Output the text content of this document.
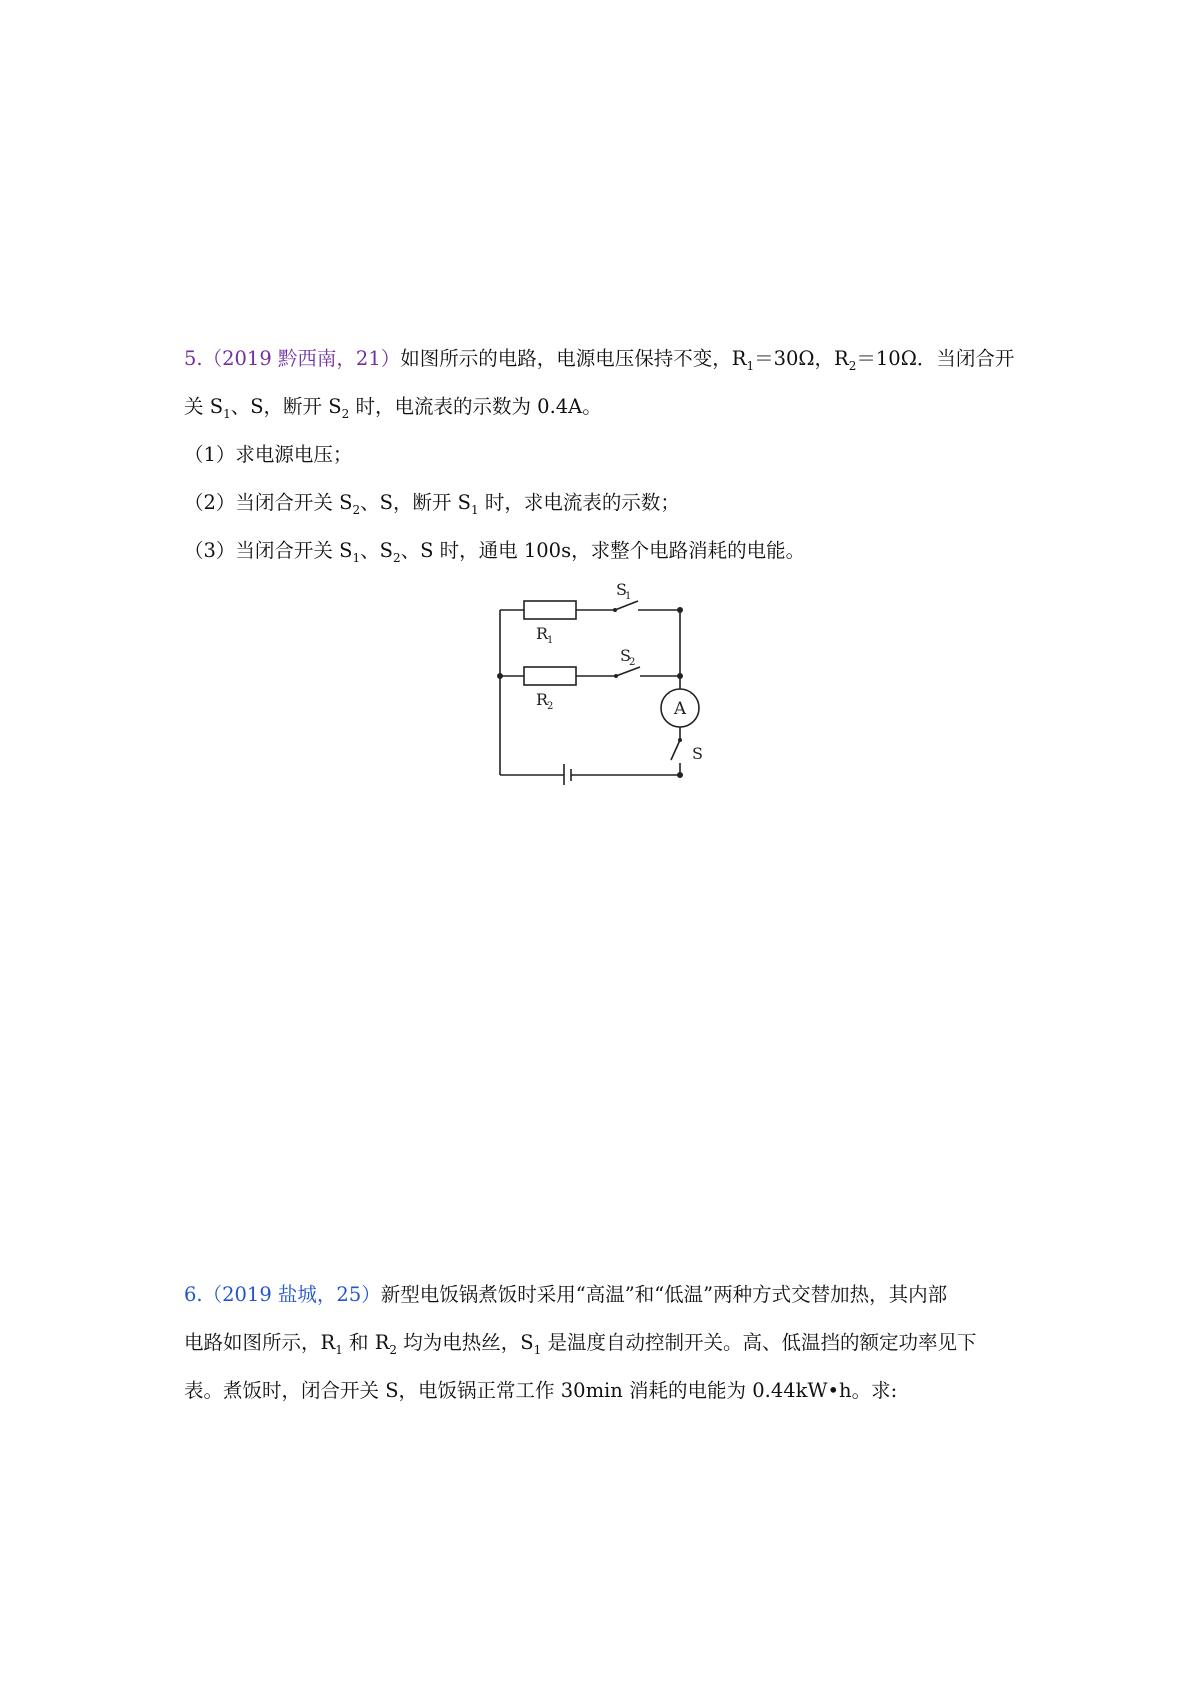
5.（2019 黔西南，21）如图所示的电路，电源电压保持不变，$R_1=30\Omega$，$R_2=10\Omega$．当闭合开
关 $S_1$、S，断开 $S_2$ 时，电流表的示数为 0.4A。
（1）求电源电压；
（2）当闭合开关 $S_2$、S，断开 $S_1$ 时，求电流表的示数；
（3）当闭合开关 $S_1$、$S_2$、S 时，通电 100s，求整个电路消耗的电能。
R
1
R
2
S
1
S
2
S
A
6.（2019 盐城，25）新型电饭锅煮饭时采用“高温”和“低温”两种方式交替加热，其内部
电路如图所示，$R_1$ 和 $R_2$ 均为电热丝，$S_1$ 是温度自动控制开关。高、低温挡的额定功率见下
表。煮饭时，闭合开关 S，电饭锅正常工作 30min 消耗的电能为 0.44kW•h。求:
